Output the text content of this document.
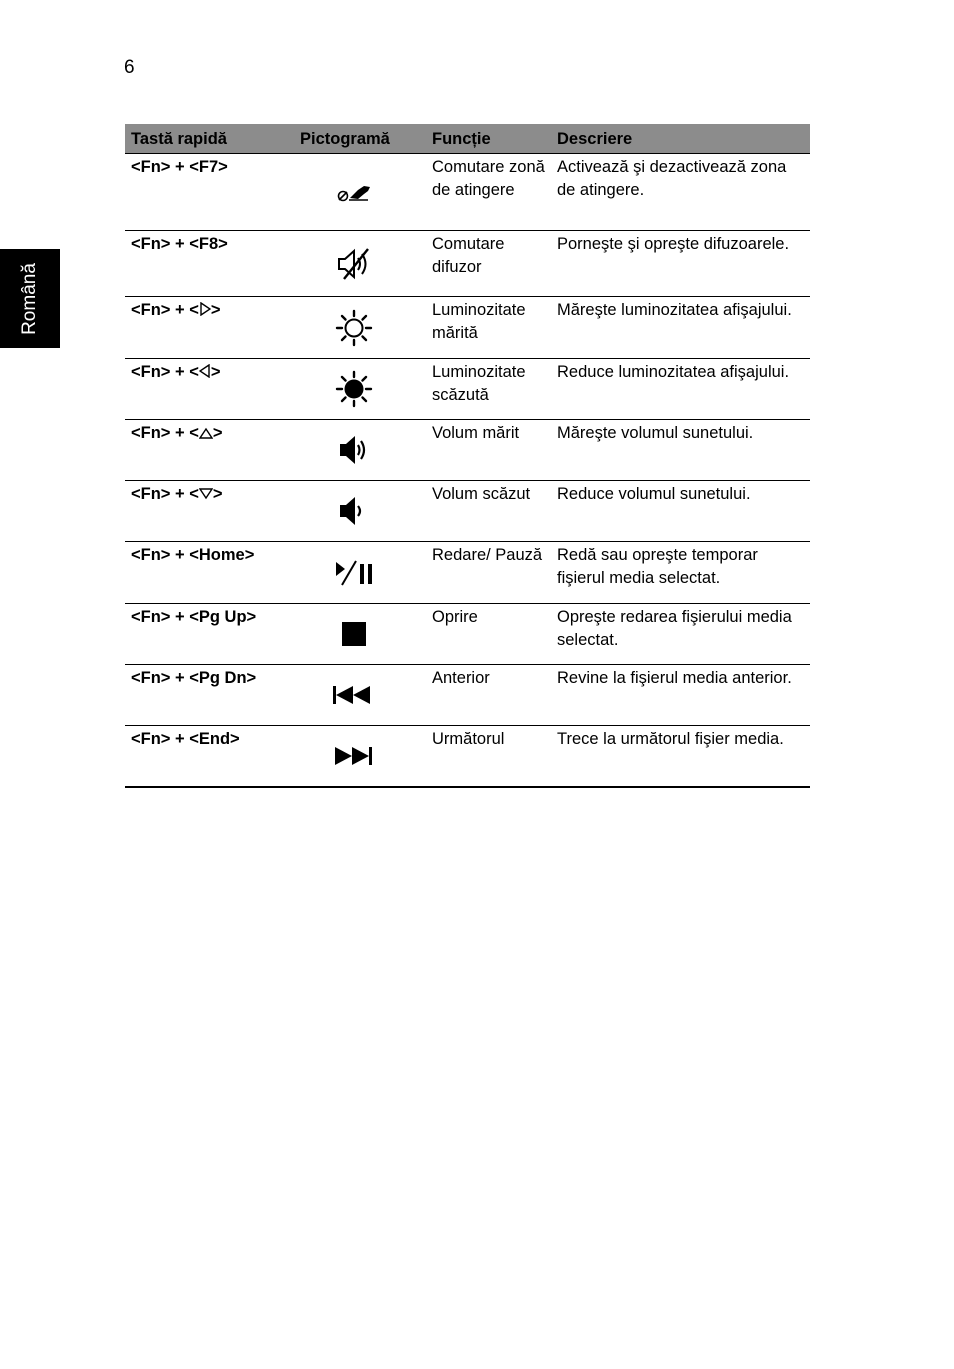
6
Română
Tastă rapidă	Pictogramă	Funcție	Descriere
<Fn> + <F7>		Comutare zonă de atingere	Activează şi dezactivează zona de atingere.
<Fn> + <F8>		Comutare difuzor	Porneşte şi opreşte difuzoarele.
<Fn> + < >		Luminozitate mărită	Măreşte luminozitatea afişajului.
<Fn> + < >		Luminozitate scăzută	Reduce luminozitatea afişajului.
<Fn> + < >		Volum mărit	Măreşte volumul sunetului.
<Fn> + < >		Volum scăzut	Reduce volumul sunetului.
<Fn> + <Home>		Redare/ Pauză	Redă sau opreşte temporar fişierul media selectat.
<Fn> + <Pg Up>		Oprire	Opreşte redarea fişierului media selectat.
<Fn> + <Pg Dn>		Anterior	Revine la fişierul media anterior.
<Fn> + <End>		Următorul	Trece la următorul fişier media.
